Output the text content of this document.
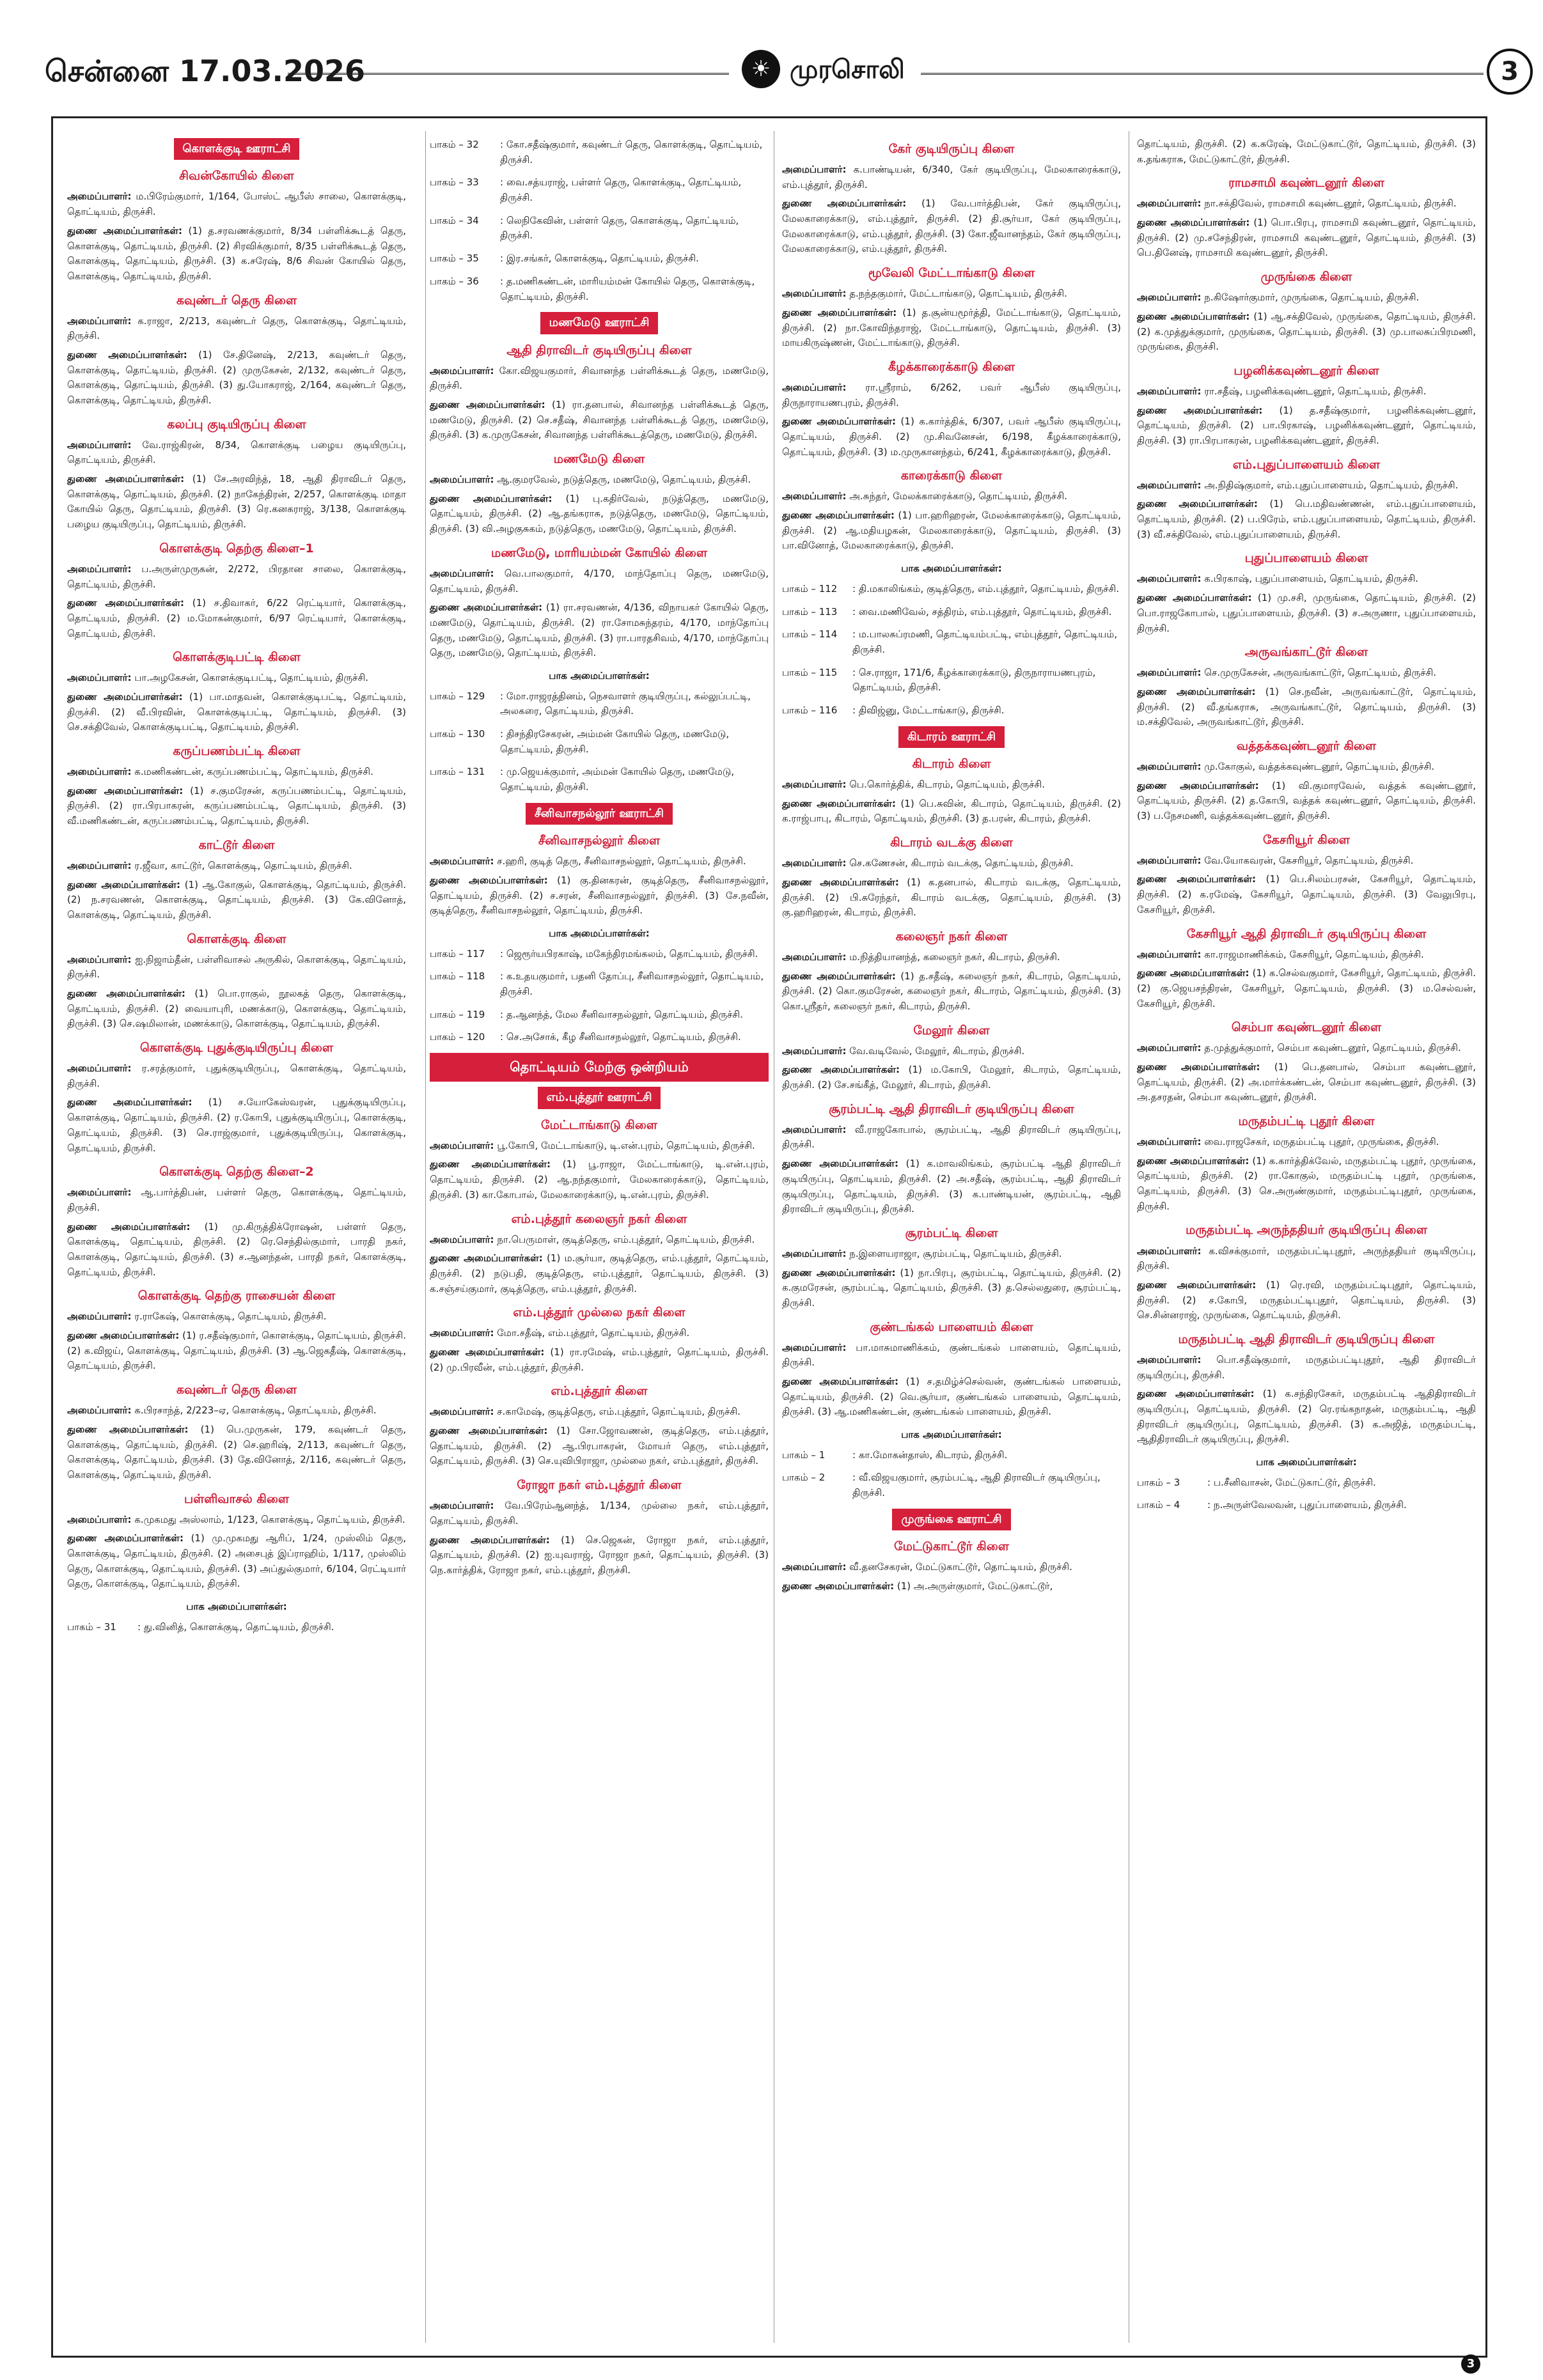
சென்னை 17.03.2026	☀ முரசொலி	3
கொளக்குடி ஊராட்சி
சிவன்கோயில் கிளை
அமைப்பாளர்: ம.பிரேம்குமார், 1/164, போஸ்ட் ஆபீஸ் சாலை, கொளக்குடி, தொட்டியம், திருச்சி.
துணை அமைப்பாளர்கள்: (1) த.சரவணக்குமார், 8/34 பள்ளிக்கூடத் தெரு, கொளக்குடி, தொட்டியம், திருச்சி. (2) சிரவிக்குமார், 8/35 பள்ளிக்கூடத் தெரு, கொளக்குடி, தொட்டியம், திருச்சி. (3) க.சரேஷ், 8/6 சிவன் கோயில் தெரு, கொளக்குடி, தொட்டியம், திருச்சி.
கவுண்டர் தெரு கிளை
அமைப்பாளர்: க.ராஜா, 2/213, கவுண்டர் தெரு, கொளக்குடி, தொட்டியம், திருச்சி.
துணை அமைப்பாளர்கள்: (1) சே.தினேஷ், 2/213, கவுண்டர் தெரு, கொளக்குடி, தொட்டியம், திருச்சி. (2) முருகேசன், 2/132, கவுண்டர் தெரு, கொளக்குடி, தொட்டியம், திருச்சி. (3) து.யோகராஜ், 2/164, கவுண்டர் தெரு, கொளக்குடி, தொட்டியம், திருச்சி.
கலப்பு குடியிருப்பு கிளை
அமைப்பாளர்: வே.ராஜ்கிரன், 8/34, கொளக்குடி பழைய குடியிருப்பு, தொட்டியம், திருச்சி.
துணை அமைப்பாளர்கள்: (1) சே.அரவிந்த், 18, ஆதி திராவிடர் தெரு, கொளக்குடி, தொட்டியம், திருச்சி. (2) நாகேந்திரன், 2/257, கொளக்குடி மாதா கோயில் தெரு, தொட்டியம், திருச்சி. (3) ரெ.கனகராஜ், 3/138, கொளக்குடி பழைய குடியிருப்பு, தொட்டியம், திருச்சி.
கொளக்குடி தெற்கு கிளை–1
அமைப்பாளர்: ப.அருள்முருகன், 2/272, பிரதான சாலை, கொளக்குடி, தொட்டியம், திருச்சி.
துணை அமைப்பாளர்கள்: (1) ச.திவாகர், 6/22 ரெட்டியார், கொளக்குடி, தொட்டியம், திருச்சி. (2) ம.மோகன்குமார், 6/97 ரெட்டியார், கொளக்குடி, தொட்டியம், திருச்சி.
கொளக்குடிபட்டி கிளை
அமைப்பாளர்: பா.அழகேசன், கொளக்குடிபட்டி, தொட்டியம், திருச்சி.
துணை அமைப்பாளர்கள்: (1) பா.மாதவன், கொளக்குடிபட்டி, தொட்டியம், திருச்சி. (2) வீ.பிரவின், கொளக்குடிபட்டி, தொட்டியம், திருச்சி. (3) செ.சக்திவேல், கொளக்குடிபட்டி, தொட்டியம், திருச்சி.
கருப்பணம்பட்டி கிளை
அமைப்பாளர்: க.மணிகண்டன், கருப்பணம்பட்டி, தொட்டியம், திருச்சி.
துணை அமைப்பாளர்கள்: (1) ச.குமரேசன், கருப்பணம்பட்டி, தொட்டியம், திருச்சி. (2) ரா.பிரபாகரன், கருப்பணம்பட்டி, தொட்டியம், திருச்சி. (3) வீ.மணிகண்டன், கருப்பணம்பட்டி, தொட்டியம், திருச்சி.
காட்டூர் கிளை
அமைப்பாளர்: ர.ஜீவா, காட்டூர், கொளக்குடி, தொட்டியம், திருச்சி.
துணை அமைப்பாளர்கள்: (1) ஆ.கோகுல், கொளக்குடி, தொட்டியம், திருச்சி. (2) ந.சரவணன், கொளக்குடி, தொட்டியம், திருச்சி. (3) கே.வினோத், கொளக்குடி, தொட்டியம், திருச்சி.
கொளக்குடி கிளை
அமைப்பாளர்: ஐ.நிஜாம்தீன், பள்ளிவாசல் அருகில், கொளக்குடி, தொட்டியம், திருச்சி.
துணை அமைப்பாளர்கள்: (1) பொ.ராகுல், நூலகத் தெரு, கொளக்குடி, தொட்டியம், திருச்சி. (2) வையாபுரி, மணக்காடு, கொளக்குடி, தொட்டியம், திருச்சி. (3) செ.ஷமிலான், மணக்காடு, கொளக்குடி, தொட்டியம், திருச்சி.
கொளக்குடி புதுக்குடியிருப்பு கிளை
அமைப்பாளர்: ர.சரத்குமார், புதுக்குடியிருப்பு, கொளக்குடி, தொட்டியம், திருச்சி.
துணை அமைப்பாளர்கள்: (1) ச.யோகேஸ்வரன், புதுக்குடியிருப்பு, கொளக்குடி, தொட்டியம், திருச்சி. (2) ர.கோபி, புதுக்குடியிருப்பு, கொளக்குடி, தொட்டியம், திருச்சி. (3) செ.ராஜ்குமார், புதுக்குடியிருப்பு, கொளக்குடி, தொட்டியம், திருச்சி.
கொளக்குடி தெற்கு கிளை–2
அமைப்பாளர்: ஆ.பார்த்திபன், பள்ளர் தெரு, கொளக்குடி, தொட்டியம், திருச்சி.
துணை அமைப்பாளர்கள்: (1) மு.கிருத்திக்ரோஷன், பள்ளர் தெரு, கொளக்குடி, தொட்டியம், திருச்சி. (2) ரெ.செந்தில்குமார், பாரதி நகர், கொளக்குடி, தொட்டியம், திருச்சி. (3) ச.ஆனந்தன், பாரதி நகர், கொளக்குடி, தொட்டியம், திருச்சி.
கொளக்குடி தெற்கு ராசையன் கிளை
அமைப்பாளர்: ர.ராகேஷ், கொளக்குடி, தொட்டியம், திருச்சி.
துணை அமைப்பாளர்கள்: (1) ர.சதீஷ்குமார், கொளக்குடி, தொட்டியம், திருச்சி. (2) க.விஜய், கொளக்குடி, தொட்டியம், திருச்சி. (3) ஆ.ஜெகதீஷ், கொளக்குடி, தொட்டியம், திருச்சி.
கவுண்டர் தெரு கிளை
அமைப்பாளர்: க.பிரசாந்த், 2/223–ஏ, கொளக்குடி, தொட்டியம், திருச்சி.
துணை அமைப்பாளர்கள்: (1) பெ.முருகன், 179, கவுண்டர் தெரு, கொளக்குடி, தொட்டியம், திருச்சி. (2) செ.ஹரிஷ், 2/113, கவுண்டர் தெரு, கொளக்குடி, தொட்டியம், திருச்சி. (3) தே.வினோத், 2/116, கவுண்டர் தெரு, கொளக்குடி, தொட்டியம், திருச்சி.
பள்ளிவாசல் கிளை
அமைப்பாளர்: க.முகமது அஸ்லாம், 1/123, கொளக்குடி, தொட்டியம், திருச்சி.
துணை அமைப்பாளர்கள்: (1) மு.முகமது ஆரிப், 1/24, முஸ்லிம் தெரு, கொளக்குடி, தொட்டியம், திருச்சி. (2) அசைபுத் இப்ராஹிம், 1/117, முஸ்லிம் தெரு, கொளக்குடி, தொட்டியம், திருச்சி. (3) அப்துல்குமார், 6/104, ரெட்டியார் தெரு, கொளக்குடி, தொட்டியம், திருச்சி.
பாக அமைப்பாளர்கள்:
பாகம் – 31	: து.வினித், கொளக்குடி, தொட்டியம், திருச்சி.
பாகம் – 32	: கோ.சதீஷ்குமார், கவுண்டர் தெரு, கொளக்குடி, தொட்டியம், திருச்சி.
பாகம் – 33	: வை.சத்யராஜ், பள்ளர் தெரு, கொளக்குடி, தொட்டியம், திருச்சி.
பாகம் – 34	: லெநிகேவின், பள்ளர் தெரு, கொளக்குடி, தொட்டியம், திருச்சி.
பாகம் – 35	: இர.சங்கர், கொளக்குடி, தொட்டியம், திருச்சி.
பாகம் – 36	: த.மணிகண்டன், மாரியம்மன் கோயில் தெரு, கொளக்குடி, தொட்டியம், திருச்சி.
மணமேடு ஊராட்சி
ஆதி திராவிடர் குடியிருப்பு கிளை
அமைப்பாளர்: கோ.விஜயகுமார், சிவானந்த பள்ளிக்கூடத் தெரு, மணமேடு, திருச்சி.
துணை அமைப்பாளர்கள்: (1) ரா.தனபால், சிவானந்த பள்ளிக்கூடத் தெரு, மணமேடு, திருச்சி. (2) செ.சதீஷ், சிவானந்த பள்ளிக்கூடத் தெரு, மணமேடு, திருச்சி. (3) க.முருகேசன், சிவானந்த பள்ளிக்கூடத்தெரு, மணமேடு, திருச்சி.
மணமேடு கிளை
அமைப்பாளர்: ஆ.குமரவேல், நடுத்தெரு, மணமேடு, தொட்டியம், திருச்சி.
துணை அமைப்பாளர்கள்: (1) பு.கதிர்வேல், நடுத்தெரு, மணமேடு, தொட்டியம், திருச்சி. (2) ஆ.தங்கராசு, நடுத்தெரு, மணமேடு, தொட்டியம், திருச்சி. (3) வி.அழகுசுகம், நடுத்தெரு, மணமேடு, தொட்டியம், திருச்சி.
மணமேடு, மாரியம்மன் கோயில் கிளை
அமைப்பாளர்: வெ.பாலகுமார், 4/170, மாந்தோப்பு தெரு, மணமேடு, தொட்டியம், திருச்சி.
துணை அமைப்பாளர்கள்: (1) ரா.சரவணன், 4/136, விநாயகர் கோயில் தெரு, மணமேடு, தொட்டியம், திருச்சி. (2) ரா.சோமசுந்தரம், 4/170, மாந்தோப்பு தெரு, மணமேடு, தொட்டியம், திருச்சி. (3) ரா.பாரதசிவம், 4/170, மாந்தோப்பு தெரு, மணமேடு, தொட்டியம், திருச்சி.
பாக அமைப்பாளர்கள்:
பாகம் – 129	: மோ.ராஜரத்தினம், நெசவாளர் குடியிருப்பு, கல்லுப்பட்டி, அலகரை, தொட்டியம், திருச்சி.
பாகம் – 130	: திசந்திரசேகரன், அம்மன் கோயில் தெரு, மணமேடு, தொட்டியம், திருச்சி.
பாகம் – 131	: மு.ஜெயக்குமார், அம்மன் கோயில் தெரு, மணமேடு, தொட்டியம், திருச்சி.
சீனிவாசநல்லூர் ஊராட்சி
சீனிவாசநல்லூர் கிளை
அமைப்பாளர்: ச.ஹரி, குடித் தெரு, சீனிவாசநல்லூர், தொட்டியம், திருச்சி.
துணை அமைப்பாளர்கள்: (1) கு.தினகரன், குடித்தெரு, சீனிவாசநல்லூர், தொட்டியம், திருச்சி. (2) ச.சரன், சீனிவாசநல்லூர், திருச்சி. (3) சே.நவீன், குடித்தெரு, சீனிவாசநல்லூர், தொட்டியம், திருச்சி.
பாக அமைப்பாளர்கள்:
பாகம் – 117	: ஜெரூர்யபிரகாஷ், மகேந்திரமங்கலம், தொட்டியம், திருச்சி.
பாகம் – 118	: க.உதயகுமார், பதனி தோப்பு, சீனிவாசநல்லூர், தொட்டியம், திருச்சி.
பாகம் – 119	: த.ஆனந்த், மேல சீனிவாசநல்லூர், தொட்டியம், திருச்சி.
பாகம் – 120	: செ.அசோக், கீழ சீனிவாசநல்லூர், தொட்டியம், திருச்சி.
தொட்டியம் மேற்கு ஒன்றியம்
எம்.புத்தூர் ஊராட்சி
மேட்டாங்காடு கிளை
அமைப்பாளர்: பூ.கோபி, மேட்டாங்காடு, டி.என்.புரம், தொட்டியம், திருச்சி.
துணை அமைப்பாளர்கள்: (1) பூ.ராஜா, மேட்டாங்காடு, டி.என்.புரம், தொட்டியம், திருச்சி. (2) ஆ.நந்தகுமார், மேலகாரைக்காடு, தொட்டியம், திருச்சி. (3) கா.கோபால், மேலகாரைக்காடு, டி.என்.புரம், திருச்சி.
எம்.புத்தூர் கலைஞர் நகர் கிளை
அமைப்பாளர்: நா.பெருமாள், குடித்தெரு, எம்.புத்தூர், தொட்டியம், திருச்சி.
துணை அமைப்பாளர்கள்: (1) ம.சூர்யா, குடித்தெரு, எம்.புத்தூர், தொட்டியம், திருச்சி. (2) நடுபதி, குடித்தெரு, எம்.புத்தூர், தொட்டியம், திருச்சி. (3) க.சஞ்சய்குமார், குடித்தெரு, எம்.புத்தூர், திருச்சி.
எம்.புத்தூர் முல்லை நகர் கிளை
அமைப்பாளர்: மோ.சதீஷ், எம்.புத்தூர், தொட்டியம், திருச்சி.
துணை அமைப்பாளர்கள்: (1) ரா.ரமேஷ், எம்.புத்தூர், தொட்டியம், திருச்சி. (2) மு.பிரவீன், எம்.புத்தூர், திருச்சி.
எம்.புத்தூர் கிளை
அமைப்பாளர்: ச.காமேஷ், குடித்தெரு, எம்.புத்தூர், தொட்டியம், திருச்சி.
துணை அமைப்பாளர்கள்: (1) சோ.ஜோவணன், குடித்தெரு, எம்.புத்தூர், தொட்டியம், திருச்சி. (2) ஆ.பிரபாகரன், மோயர் தெரு, எம்.புத்தூர், தொட்டியம், திருச்சி. (3) செ.யுவிபிராஜா, முல்லை நகர், எம்.புத்தூர், திருச்சி.
ரோஜா நகர் எம்.புத்தூர் கிளை
அமைப்பாளர்: வே.பிரேம்ஆனந்த், 1/134, முல்லை நகர், எம்.புத்தூர், தொட்டியம், திருச்சி.
துணை அமைப்பாளர்கள்: (1) செ.ஜெகன், ரோஜா நகர், எம்.புத்தூர், தொட்டியம், திருச்சி. (2) ஐ.யுவராஜ், ரோஜா நகர், தொட்டியம், திருச்சி. (3) நெ.கார்த்திக், ரோஜா நகர், எம்.புத்தூர், திருச்சி.
கேர் குடியிருப்பு கிளை
அமைப்பாளர்: க.பாண்டியன், 6/340, கேர் குடியிருப்பு, மேலகாரைக்காடு, எம்.புத்தூர், திருச்சி.
துணை அமைப்பாளர்கள்: (1) வே.பார்த்திபன், கேர் குடியிருப்பு, மேலகாரைக்காடு, எம்.புத்தூர், திருச்சி. (2) தி.சூர்யா, கேர் குடியிருப்பு, மேலகாரைக்காடு, எம்.புத்தூர், திருச்சி. (3) கோ.ஜீவானந்தம், கேர் குடியிருப்பு, மேலகாரைக்காடு, எம்.புத்தூர், திருச்சி.
மூவேலி மேட்டாங்காடு கிளை
அமைப்பாளர்: த.நந்தகுமார், மேட்டாங்காடு, தொட்டியம், திருச்சி.
துணை அமைப்பாளர்கள்: (1) த.சூன்யமூர்த்தி, மேட்டாங்காடு, தொட்டியம், திருச்சி. (2) நா.கோவிந்தராஜ், மேட்டாங்காடு, தொட்டியம், திருச்சி. (3) மாயகிருஷ்ணன், மேட்டாங்காடு, திருச்சி.
கீழக்காரைக்காடு கிளை
அமைப்பாளர்: ரா.ஸ்ரீராம், 6/262, பவர் ஆபீஸ் குடியிருப்பு, திருநாராயணபுரம், திருச்சி.
துணை அமைப்பாளர்கள்: (1) க.கார்த்திக், 6/307, பவர் ஆபீஸ் குடியிருப்பு, தொட்டியம், திருச்சி. (2) மு.சிவனேசன், 6/198, கீழக்காரைக்காடு, தொட்டியம், திருச்சி. (3) ம.முருகானந்தம், 6/241, கீழக்காரைக்காடு, திருச்சி.
காரைக்காடு கிளை
அமைப்பாளர்: அ.சுந்தர், மேலக்காரைக்காடு, தொட்டியம், திருச்சி.
துணை அமைப்பாளர்கள்: (1) பா.ஹரிஹரன், மேலக்காரைக்காடு, தொட்டியம், திருச்சி. (2) ஆ.மதியழகன், மேலகாரைக்காடு, தொட்டியம், திருச்சி. (3) பா.வினோத், மேலகாரைக்காடு, திருச்சி.
பாக அமைப்பாளர்கள்:
பாகம் – 112	: தி.மகாலிங்கம், குடித்தெரு, எம்.புத்தூர், தொட்டியம், திருச்சி.
பாகம் – 113	: வை.மணிவேல், சத்திரம், எம்.புத்தூர், தொட்டியம், திருச்சி.
பாகம் – 114	: ம.பாலசுப்ரமணி, தொட்டியம்பட்டி, எம்புத்தூர், தொட்டியம், திருச்சி.
பாகம் – 115	: செ.ராஜா, 171/6, கீழக்காரைக்காடு, திருநாராயணபுரம், தொட்டியம், திருச்சி.
பாகம் – 116	: திவிஜ்னு, மேட்டாங்காடு, திருச்சி.
கிடாரம் ஊராட்சி
கிடாரம் கிளை
அமைப்பாளர்: பெ.கொர்த்திக், கிடாரம், தொட்டியம், திருச்சி.
துணை அமைப்பாளர்கள்: (1) பெ.சுவின், கிடாரம், தொட்டியம், திருச்சி. (2) க.ராஜ்பாபு, கிடாரம், தொட்டியம், திருச்சி. (3) த.பரன், கிடாரம், திருச்சி.
கிடாரம் வடக்கு கிளை
அமைப்பாளர்: செ.கணேசன், கிடாரம் வடக்கு, தொட்டியம், திருச்சி.
துணை அமைப்பாளர்கள்: (1) க.தனபால், கிடாரம் வடக்கு, தொட்டியம், திருச்சி. (2) பி.சுரேந்தர், கிடாரம் வடக்கு, தொட்டியம், திருச்சி. (3) கு.ஹரிஹரன், கிடாரம், திருச்சி.
கலைஞர் நகர் கிளை
அமைப்பாளர்: ம.நித்தியானந்த், கலைஞர் நகர், கிடாரம், திருச்சி.
துணை அமைப்பாளர்கள்: (1) த.சதீஷ், கலைஞர் நகர், கிடாரம், தொட்டியம், திருச்சி. (2) கொ.குமரேசன், கலைஞர் நகர், கிடாரம், தொட்டியம், திருச்சி. (3) கொ.ஸ்ரீதர், கலைஞர் நகர், கிடாரம், திருச்சி.
மேலூர் கிளை
அமைப்பாளர்: வே.வடிவேல், மேலூர், கிடாரம், திருச்சி.
துணை அமைப்பாளர்கள்: (1) ம.கோபி, மேலூர், கிடாரம், தொட்டியம், திருச்சி. (2) சே.சங்கீத், மேலூர், கிடாரம், திருச்சி.
சூரம்பட்டி ஆதி திராவிடர் குடியிருப்பு கிளை
அமைப்பாளர்: வீ.ராஜகோபால், சூரம்பட்டி, ஆதி திராவிடர் குடியிருப்பு, திருச்சி.
துணை அமைப்பாளர்கள்: (1) க.மாவலிங்கம், சூரம்பட்டி ஆதி திராவிடர் குடியிருப்பு, தொட்டியம், திருச்சி. (2) அ.சதீஷ், சூரம்பட்டி, ஆதி திராவிடர் குடியிருப்பு, தொட்டியம், திருச்சி. (3) க.பாண்டியன், சூரம்பட்டி, ஆதி திராவிடர் குடியிருப்பு, திருச்சி.
சூரம்பட்டி கிளை
அமைப்பாளர்: ந.இளையராஜா, சூரம்பட்டி, தொட்டியம், திருச்சி.
துணை அமைப்பாளர்கள்: (1) நா.பிரபு, சூரம்பட்டி, தொட்டியம், திருச்சி. (2) க.குமரேசன், சூரம்பட்டி, தொட்டியம், திருச்சி. (3) த.செல்லதுரை, சூரம்பட்டி, திருச்சி.
குண்டங்கல் பாளையம் கிளை
அமைப்பாளர்: பா.மாசுமாணிக்கம், குண்டங்கல் பாளையம், தொட்டியம், திருச்சி.
துணை அமைப்பாளர்கள்: (1) ச.தமிழ்ச்செல்வன், குண்டங்கல் பாளையம், தொட்டியம், திருச்சி. (2) வெ.சூர்யா, குண்டங்கல் பாளையம், தொட்டியம், திருச்சி. (3) ஆ.மணிகண்டன், குண்டங்கல் பாளையம், திருச்சி.
பாக அமைப்பாளர்கள்:
பாகம் – 1	: கா.மோகன்தாஸ், கிடாரம், திருச்சி.
பாகம் – 2	: வீ.விஜயகுமார், சூரம்பட்டி, ஆதி திராவிடர் குடியிருப்பு, திருச்சி.
முருங்கை ஊராட்சி
மேட்டுகாட்டூர் கிளை
அமைப்பாளர்: வீ.தனசேகரன், மேட்டுகாட்டூர், தொட்டியம், திருச்சி.
துணை அமைப்பாளர்கள்: (1) அ.அருள்குமார், மேட்டுகாட்டூர்,
தொட்டியம், திருச்சி. (2) க.சுரேஷ், மேட்டுகாட்டூர், தொட்டியம், திருச்சி. (3) க.தங்கராசு, மேட்டுகாட்டூர், திருச்சி.
ராமசாமி கவுண்டனூர் கிளை
அமைப்பாளர்: நா.சக்திவேல், ராமசாமி கவுண்டனூர், தொட்டியம், திருச்சி.
துணை அமைப்பாளர்கள்: (1) பொ.பிரபு, ராமசாமி கவுண்டனூர், தொட்டியம், திருச்சி. (2) மு.சசேந்திரன், ராமசாமி கவுண்டனூர், தொட்டியம், திருச்சி. (3) பெ.தினேஷ், ராமசாமி கவுண்டனூர், திருச்சி.
முருங்கை கிளை
அமைப்பாளர்: ந.கிஷோர்குமார், முருங்கை, தொட்டியம், திருச்சி.
துணை அமைப்பாளர்கள்: (1) ஆ.சக்திவேல், முருங்கை, தொட்டியம், திருச்சி. (2) க.முத்துக்குமார், முருங்கை, தொட்டியம், திருச்சி. (3) மு.பாலசுப்பிரமணி, முருங்கை, திருச்சி.
பழனிக்கவுண்டனூர் கிளை
அமைப்பாளர்: ரா.சதீஷ், பழனிக்கவுண்டனூர், தொட்டியம், திருச்சி.
துணை அமைப்பாளர்கள்: (1) த.சதீஷ்குமார், பழனிக்கவுண்டனூர், தொட்டியம், திருச்சி. (2) பா.பிரகாஷ், பழனிக்கவுண்டனூர், தொட்டியம், திருச்சி. (3) ரா.பிரபாகரன், பழனிக்கவுண்டனூர், திருச்சி.
எம்.புதுப்பாளையம் கிளை
அமைப்பாளர்: அ.நிதிஷ்குமார், எம்.புதுப்பாளையம், தொட்டியம், திருச்சி.
துணை அமைப்பாளர்கள்: (1) பெ.மதிவண்ணன், எம்.புதுப்பாளையம், தொட்டியம், திருச்சி. (2) ப.பிரேம், எம்.புதுப்பாளையம், தொட்டியம், திருச்சி. (3) வீ.சக்திவேல், எம்.புதுப்பாளையம், திருச்சி.
புதுப்பாளையம் கிளை
அமைப்பாளர்: க.பிரகாஷ், புதுப்பாளையம், தொட்டியம், திருச்சி.
துணை அமைப்பாளர்கள்: (1) மு.சசி, முருங்கை, தொட்டியம், திருச்சி. (2) பொ.ராஜகோபால், புதுப்பாளையம், திருச்சி. (3) ச.அருணா, புதுப்பாளையம், திருச்சி.
அருவங்காட்டூர் கிளை
அமைப்பாளர்: செ.முருகேசன், அருவங்காட்டூர், தொட்டியம், திருச்சி.
துணை அமைப்பாளர்கள்: (1) செ.நவீன், அருவங்காட்டூர், தொட்டியம், திருச்சி. (2) வீ.தங்கராசு, அருவங்காட்டூர், தொட்டியம், திருச்சி. (3) ம.சக்திவேல், அருவங்காட்டூர், திருச்சி.
வத்தக்கவுண்டனூர் கிளை
அமைப்பாளர்: மு.கோகுல், வத்தக்கவுண்டனூர், தொட்டியம், திருச்சி.
துணை அமைப்பாளர்கள்: (1) வி.குமாரவேல், வத்தக் கவுண்டனூர், தொட்டியம், திருச்சி. (2) த.கோபி, வத்தக் கவுண்டனூர், தொட்டியம், திருச்சி. (3) ப.நேசமணி, வத்தக்கவுண்டனூர், திருச்சி.
கேசரியூர் கிளை
அமைப்பாளர்: வே.யோகவரன், கேசரியூர், தொட்டியம், திருச்சி.
துணை அமைப்பாளர்கள்: (1) பெ.சிலம்பரசன், கேசரியூர், தொட்டியம், திருச்சி. (2) க.ரமேஷ், கேசரியூர், தொட்டியம், திருச்சி. (3) வேலுபிரபு, கேசரியூர், திருச்சி.
கேசரியூர் ஆதி திராவிடர் குடியிருப்பு கிளை
அமைப்பாளர்: கா.ராஜமாணிக்கம், கேசரியூர், தொட்டியம், திருச்சி.
துணை அமைப்பாளர்கள்: (1) க.செல்வகுமார், கேசரியூர், தொட்டியம், திருச்சி. (2) கு.ஜெயசந்திரன், கேசரியூர், தொட்டியம், திருச்சி. (3) ம.செல்வன், கேசரியூர், திருச்சி.
செம்பா கவுண்டனூர் கிளை
அமைப்பாளர்: த.முத்துக்குமார், செம்பா கவுண்டனூர், தொட்டியம், திருச்சி.
துணை அமைப்பாளர்கள்: (1) பெ.தனபால், செம்பா கவுண்டனூர், தொட்டியம், திருச்சி. (2) அ.மார்க்கண்டன், செம்பா கவுண்டனூர், திருச்சி. (3) அ.தசரதன், செம்பா கவுண்டனூர், திருச்சி.
மருதம்பட்டி புதூர் கிளை
அமைப்பாளர்: வை.ராஜசேகர், மருதம்பட்டி புதூர், முருங்கை, திருச்சி.
துணை அமைப்பாளர்கள்: (1) க.கார்த்திக்வேல், மருதம்பட்டி புதூர், முருங்கை, தொட்டியம், திருச்சி. (2) ரா.கோகுல், மருதம்பட்டி புதூர், முருங்கை, தொட்டியம், திருச்சி. (3) செ.அருண்குமார், மருதம்பட்டிபுதூர், முருங்கை, திருச்சி.
மருதம்பட்டி அருந்ததியர் குடியிருப்பு கிளை
அமைப்பாளர்: க.விசக்குமார், மருதம்பட்டிபுதூர், அருந்ததியர் குடியிருப்பு, திருச்சி.
துணை அமைப்பாளர்கள்: (1) ரெ.ரவி, மருதம்பட்டிபுதூர், தொட்டியம், திருச்சி. (2) ச.கோபி, மருதம்பட்டிபுதூர், தொட்டியம், திருச்சி. (3) செ.சின்னராஜ், முருங்கை, தொட்டியம், திருச்சி.
மருதம்பட்டி ஆதி திராவிடர் குடியிருப்பு கிளை
அமைப்பாளர்: பொ.சதீஷ்குமார், மருதம்பட்டிபுதூர், ஆதி திராவிடர் குடியிருப்பு, திருச்சி.
துணை அமைப்பாளர்கள்: (1) க.சந்திரசேகர், மருதம்பட்டி ஆதிதிராவிடர் குடியிருப்பு, தொட்டியம், திருச்சி. (2) ரெ.ரங்கநாதன், மருதம்பட்டி, ஆதி திராவிடர் குடியிருப்பு, தொட்டியம், திருச்சி. (3) க.அஜித், மருதம்பட்டி, ஆதிதிராவிடர் குடியிருப்பு, திருச்சி.
பாக அமைப்பாளர்கள்:
பாகம் – 3	: ப.சீனிவாசன், மேட்டுகாட்டூர், திருச்சி.
பாகம் – 4	: ந.அருள்வேலவன், புதுப்பாளையம், திருச்சி.
3
